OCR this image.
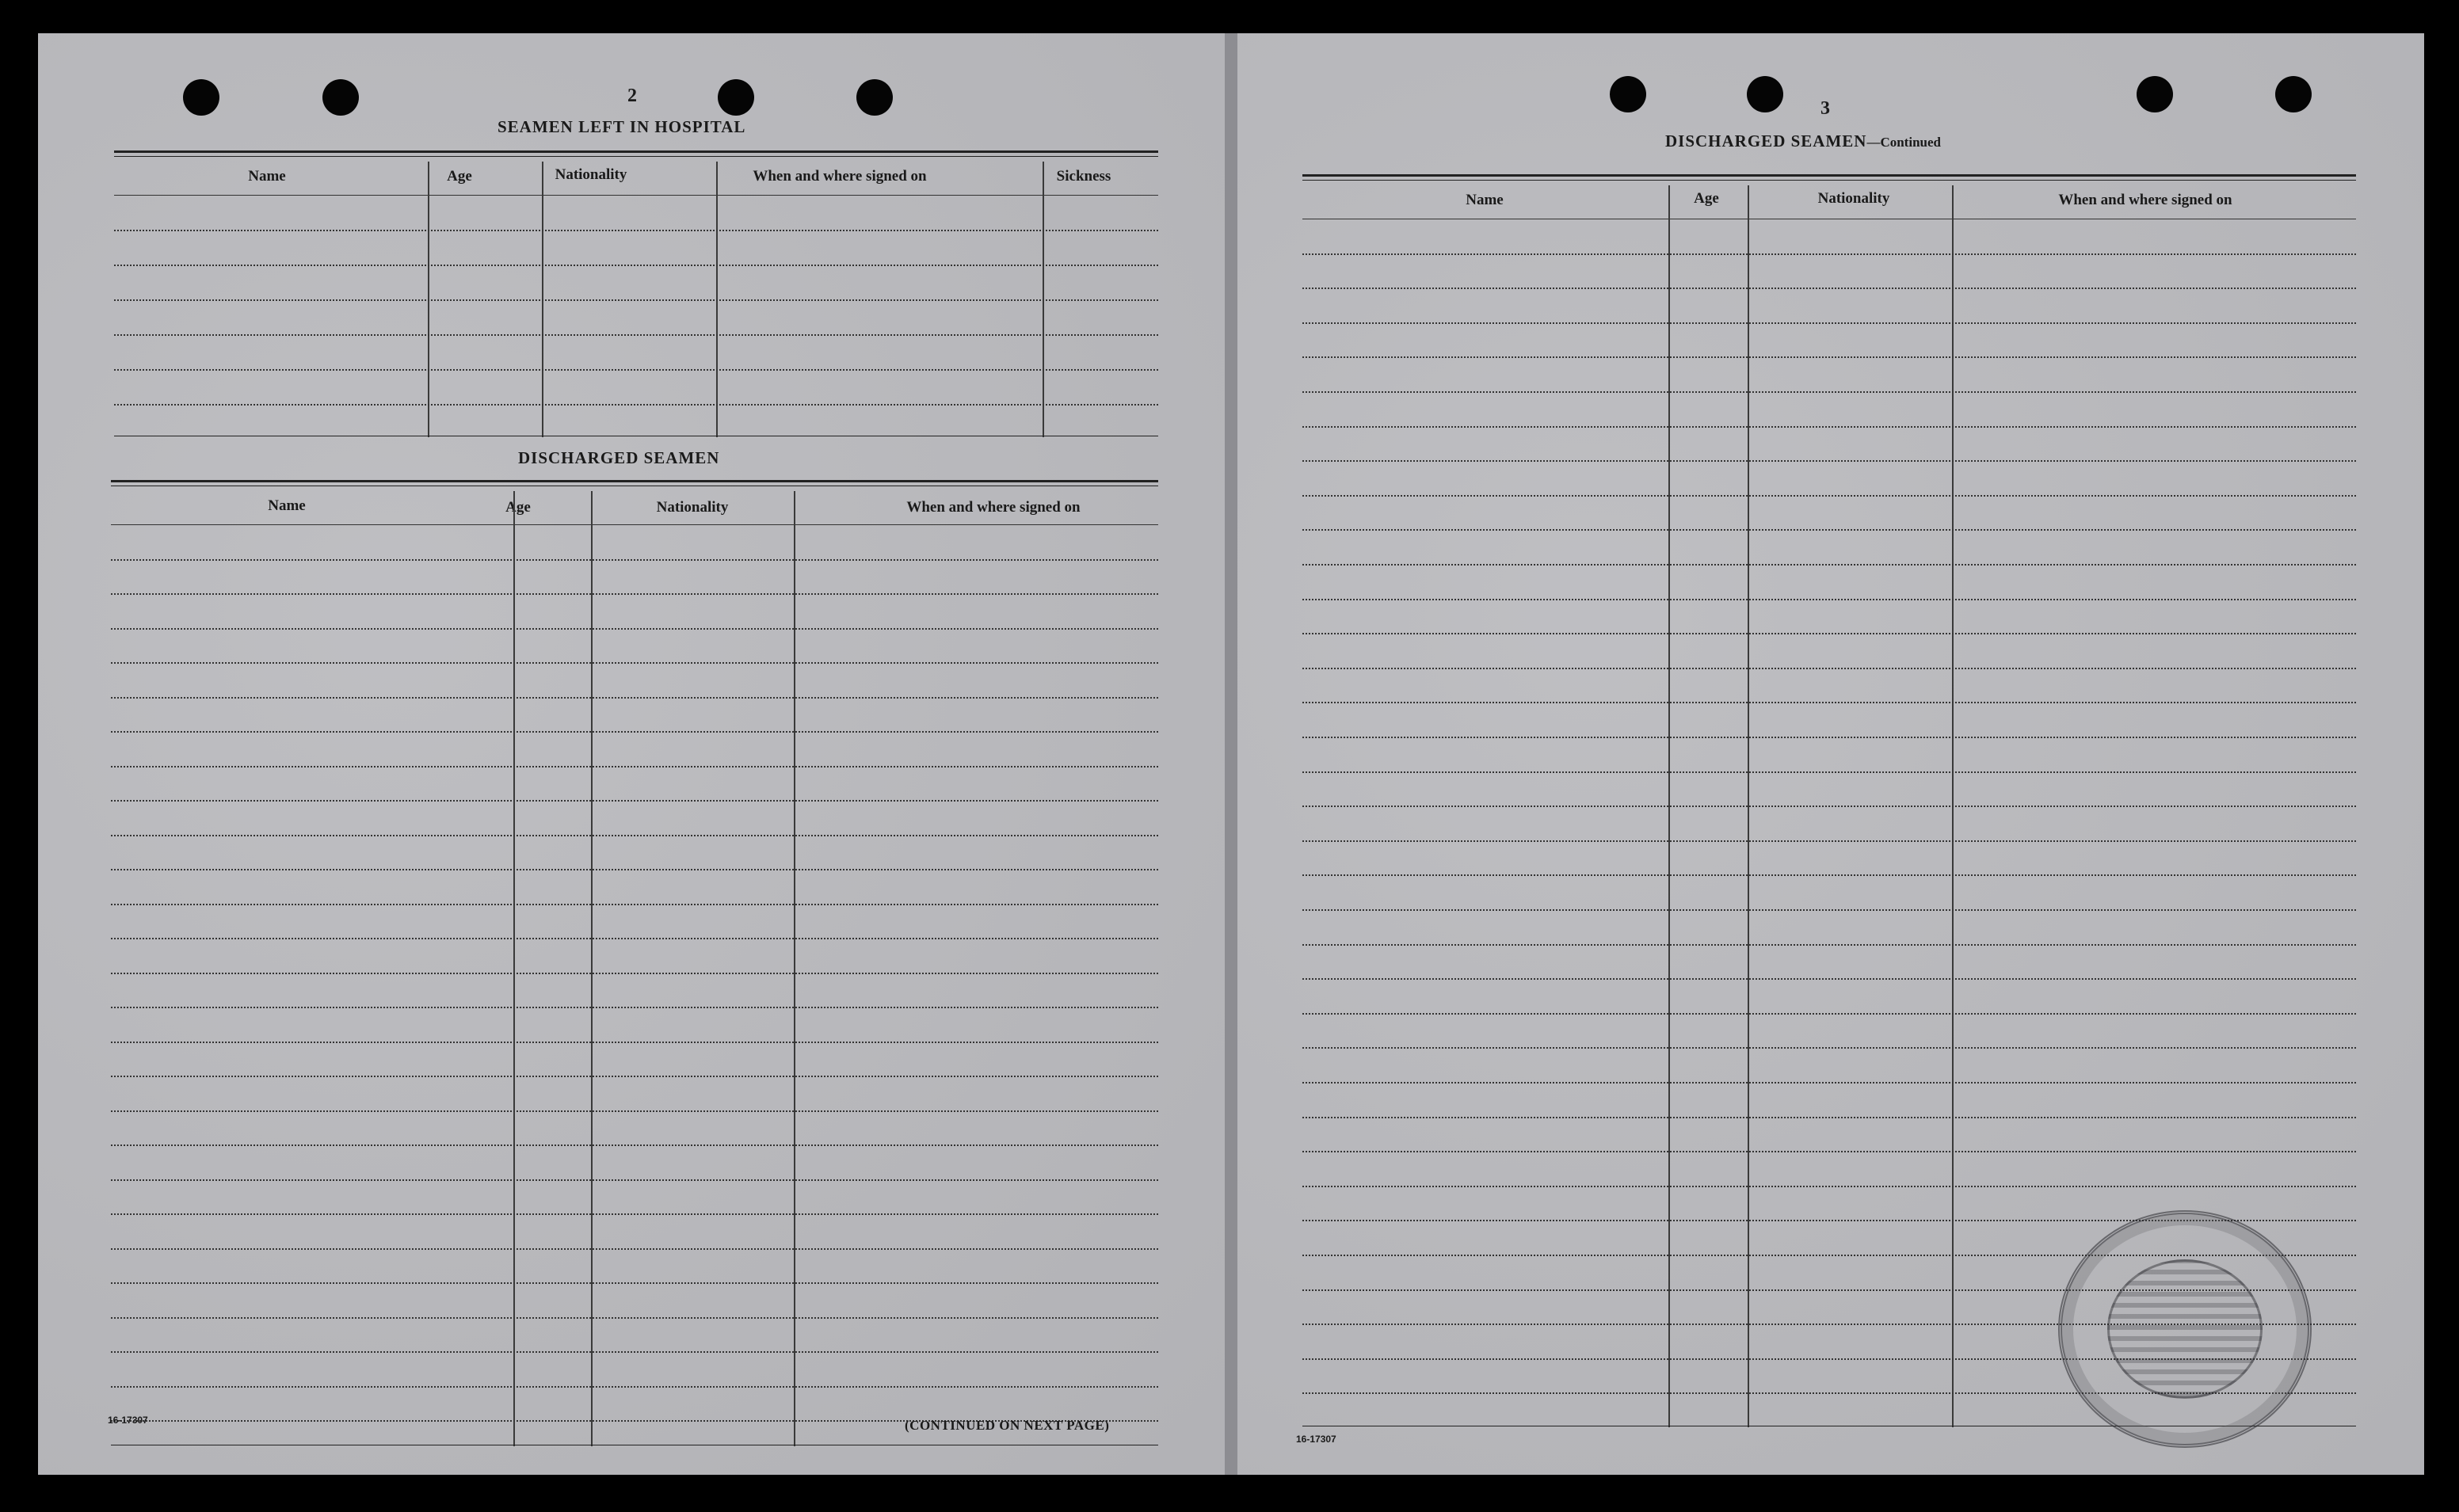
2
SEAMEN LEFT IN HOSPITAL
Name	Age	Nationality	When and where signed on	Sickness
DISCHARGED SEAMEN
Name	Age	Nationality	When and where signed on
16-17307	(CONTINUED ON NEXT PAGE)
3
DISCHARGED SEAMEN—Continued
Name	Age	Nationality	When and where signed on
16-17307
